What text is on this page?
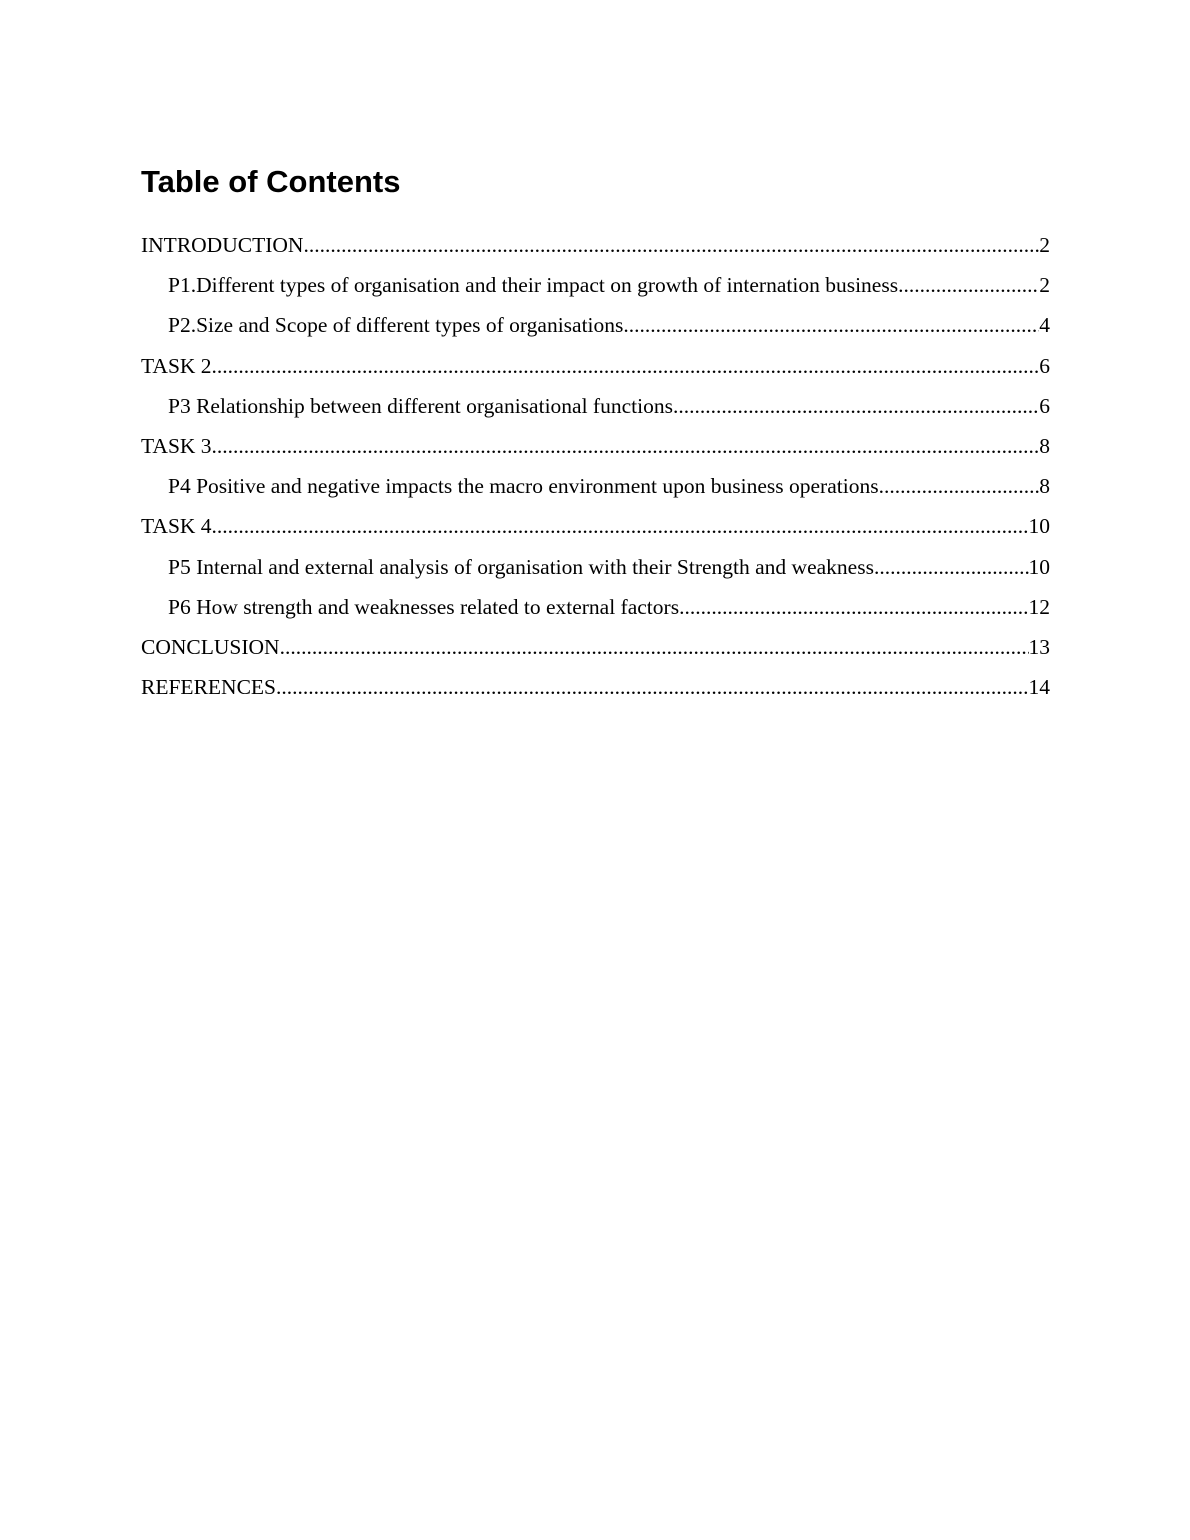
Table of Contents
INTRODUCTION .....	2
P1.Different types of organisation and their impact on growth of internation business .....	2
P2.Size and Scope of different types of organisations .....	4
TASK 2 .....	6
P3 Relationship between different organisational functions .....	6
TASK 3 .....	8
P4 Positive and negative impacts the macro environment upon business operations .....	8
TASK 4 .....	10
P5 Internal and external analysis of organisation with their Strength and weakness .....	10
P6 How strength and weaknesses related to external factors .....	12
CONCLUSION .....	13
REFERENCES .....	14
